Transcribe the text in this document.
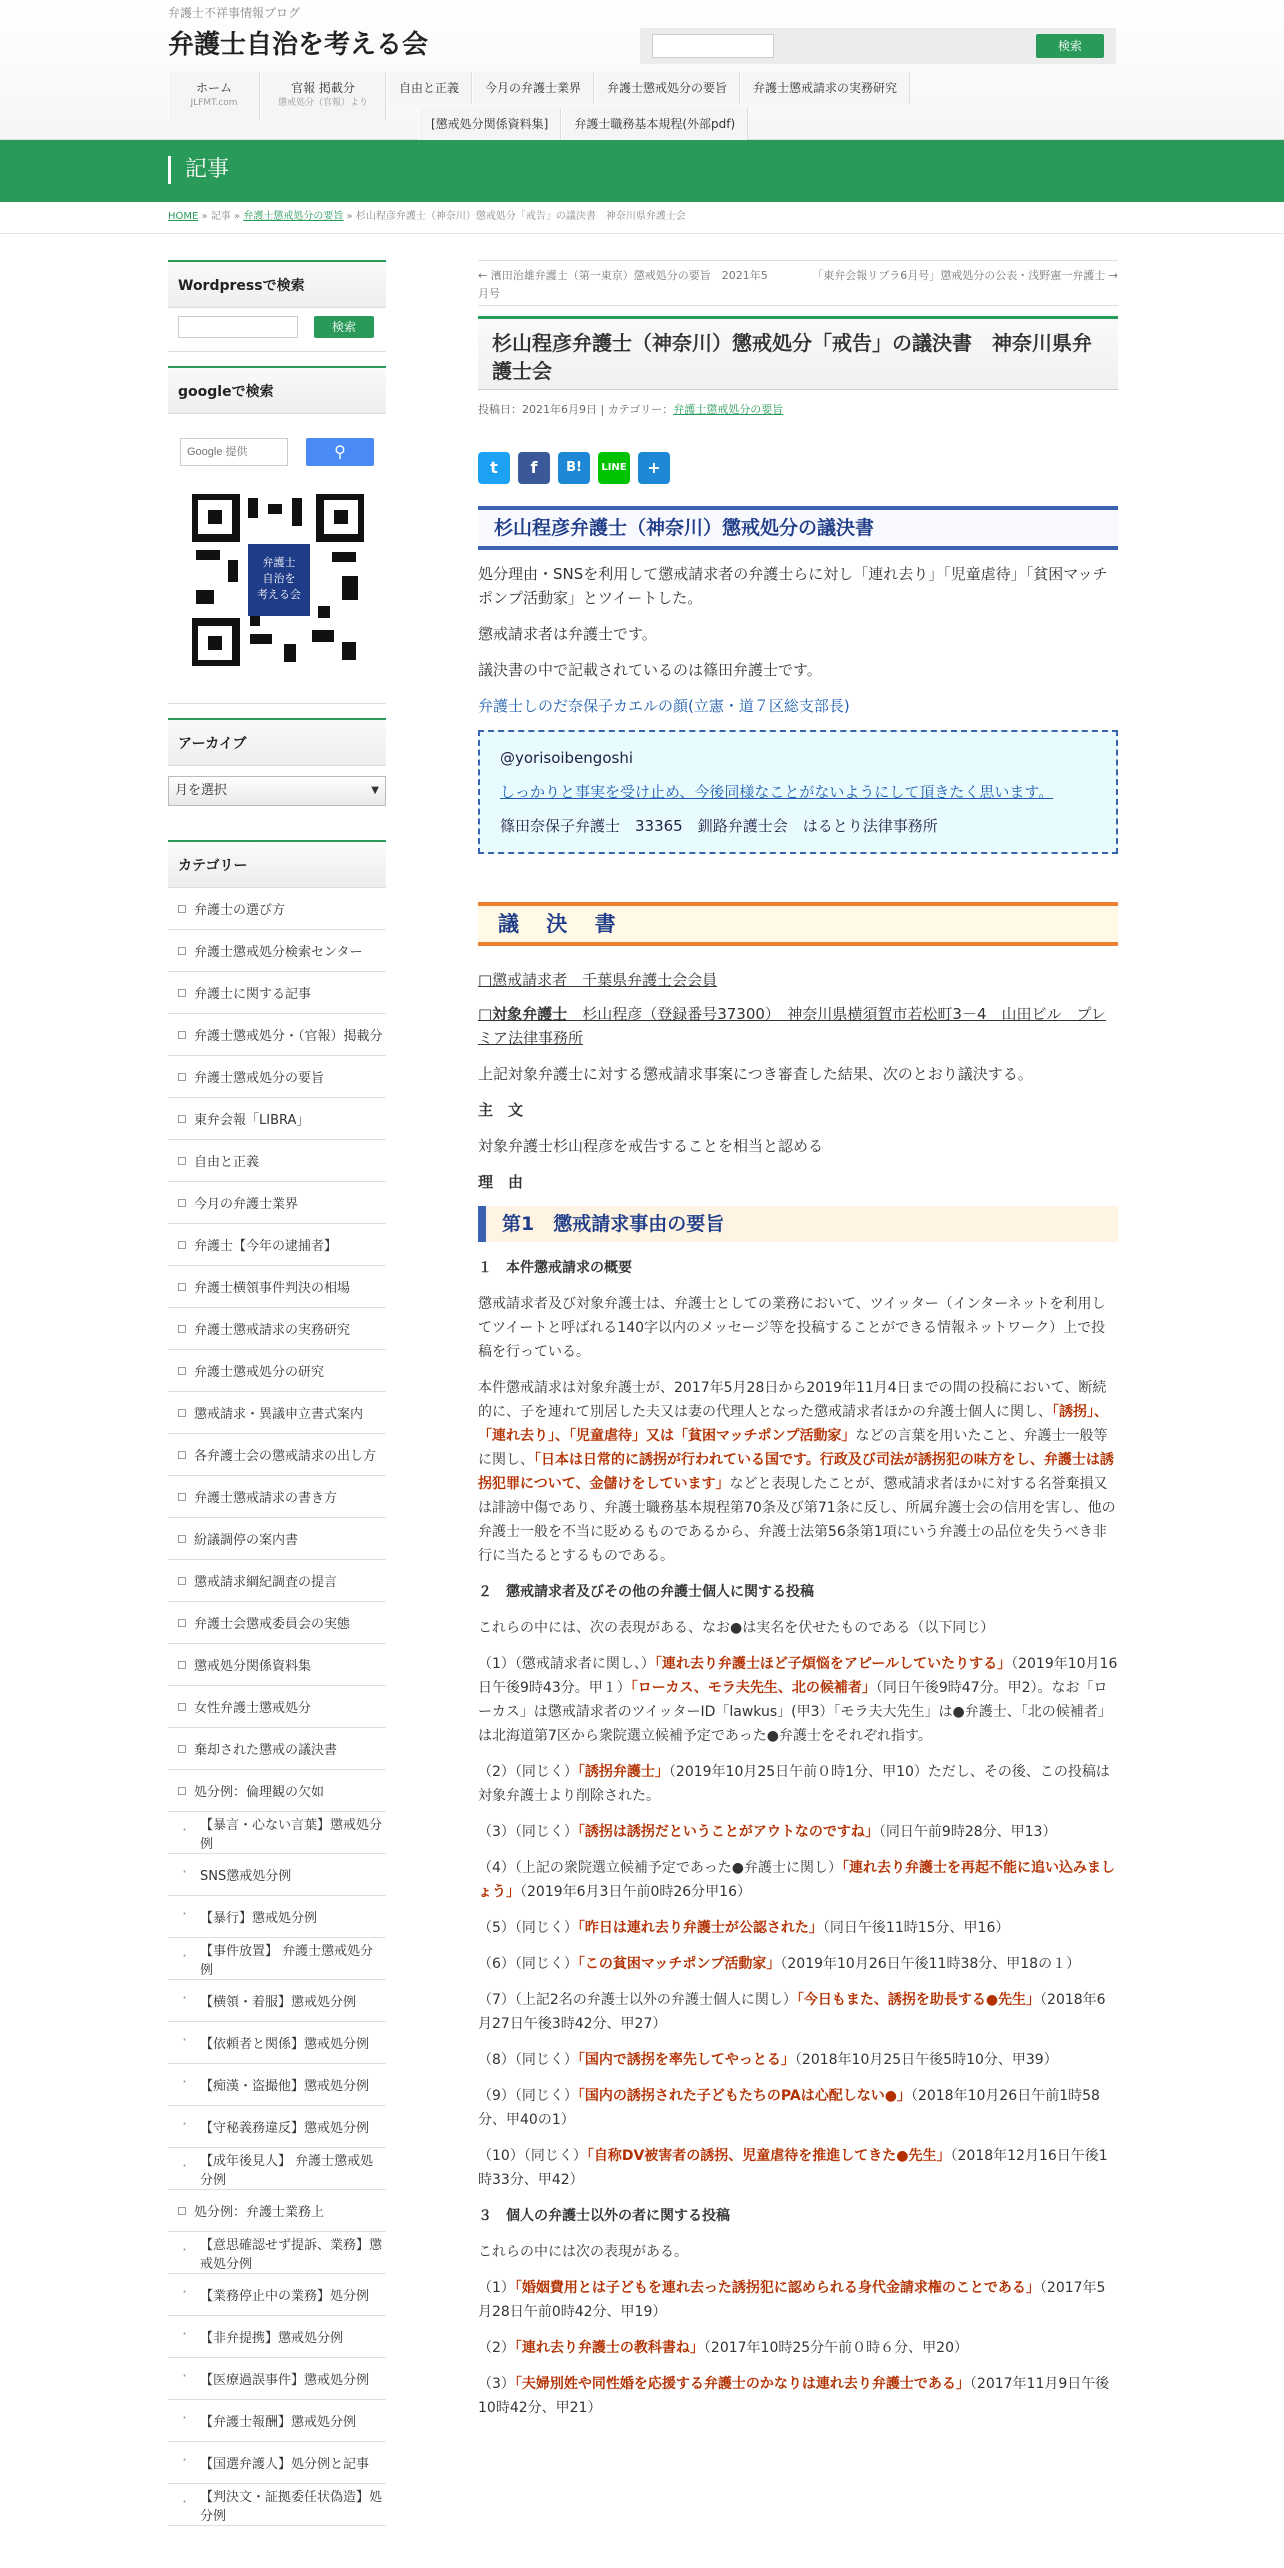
弁護士不祥事情報ブログ
弁護士自治を考える会	検索
ホーム
JLFMT.com
官報 掲載分
懲戒処分（官報）より
自由と正義	今月の弁護士業界	弁護士懲戒処分の要旨	弁護士懲戒請求の実務研究
[懲戒処分関係資料集]	弁護士職務基本規程(外部pdf)
記事
HOME » 記事 » 弁護士懲戒処分の要旨 » 杉山程彦弁護士（神奈川）懲戒処分「戒告」の議決書　神奈川県弁護士会
Wordpressで検索
検索
googleで検索
Google 提供
⚲
弁護士
自治を
考える会
アーカイブ
月を選択	▼
カテゴリー
弁護士の選び方
弁護士懲戒処分検索センター
弁護士に関する記事
弁護士懲戒処分・（官報）掲載分
弁護士懲戒処分の要旨
東弁会報「LIBRA」
自由と正義
今月の弁護士業界
弁護士【今年の逮捕者】
弁護士横領事件判決の相場
弁護士懲戒請求の実務研究
弁護士懲戒処分の研究
懲戒請求・異議申立書式案内
各弁護士会の懲戒請求の出し方
弁護士懲戒請求の書き方
紛議調停の案内書
懲戒請求綱紀調査の提言
弁護士会懲戒委員会の実態
懲戒処分関係資料集
女性弁護士懲戒処分
棄却された懲戒の議決書
処分例：倫理観の欠如
· 【暴言・心ない言葉】懲戒処分例
· SNS懲戒処分例
· 【暴行】懲戒処分例
· 【事件放置】 弁護士懲戒処分例
· 【横領・着服】懲戒処分例
· 【依頼者と関係】懲戒処分例
· 【痴漢・盗撮他】懲戒処分例
· 【守秘義務違反】懲戒処分例
· 【成年後見人】 弁護士懲戒処分例
処分例：弁護士業務上
· 【意思確認せず提訴、業務】懲戒処分例
· 【業務停止中の業務】処分例
· 【非弁提携】懲戒処分例
· 【医療過誤事件】懲戒処分例
· 【弁護士報酬】懲戒処分例
· 【国選弁護人】処分例と記事
· 【判決文・証拠委任状偽造】処分例
← 濱田治雄弁護士（第一東京）懲戒処分の要旨　2021年5	「東弁会報リブラ6月号」懲戒処分の公表・浅野憲一弁護士 →
月号
杉山程彦弁護士（神奈川）懲戒処分「戒告」の議決書　神奈川県弁護士会
投稿日：2021年6月9日 | カテゴリー：弁護士懲戒処分の要旨
t	f	B!	LINE	+
杉山程彦弁護士（神奈川）懲戒処分の議決書

処分理由・SNSを利用して懲戒請求者の弁護士らに対し「連れ去り」「児童虐待」「貧困マッチポンプ活動家」とツイートした。

懲戒請求者は弁護士です。

議決書の中で記載されているのは篠田弁護士です。

弁護士しのだ奈保子カエルの顔(立憲・道７区総支部長)

@yorisoibengoshi

しっかりと事実を受け止め、今後同様なことがないようにして頂きたく思います。

篠田奈保子弁護士　33365　釧路弁護士会　はるとり法律事務所

議 決 書

□懲戒請求者　千葉県弁護士会会員

□対象弁護士　 杉山程彦（登録番号37300）　神奈川県横須賀市若松町3－4　山田ビル　プレミア法律事務所

上記対象弁護士に対する懲戒請求事案につき審査した結果、次のとおり議決する。

主　文

対象弁護士杉山程彦を戒告することを相当と認める

理　由

第1　懲戒請求事由の要旨

１　本件懲戒請求の概要

懲戒請求者及び対象弁護士は、弁護士としての業務において、ツイッター（インターネットを利用してツイートと呼ばれる140字以内のメッセージ等を投稿することができる情報ネットワーク）上で投稿を行っている。

本件懲戒請求は対象弁護士が、2017年5月28日から2019年11月4日までの間の投稿において、断続的に、子を連れて別居した夫又は妻の代理人となった懲戒請求者ほかの弁護士個人に関し、「誘拐」、「連れ去り」、「児童虐待」又は「貧困マッチポンプ活動家」などの言葉を用いたこと、弁護士一般等に関し、「日本は日常的に誘拐が行われている国です。行政及び司法が誘拐犯の味方をし、弁護士は誘拐犯罪について、金儲けをしています」などと表現したことが、懲戒請求者ほかに対する名誉棄損又は誹謗中傷であり、弁護士職務基本規程第70条及び第71条に反し、所属弁護士会の信用を害し、他の弁護士一般を不当に貶めるものであるから、弁護士法第56条第1項にいう弁護士の品位を失うべき非行に当たるとするものである。

２　懲戒請求者及びその他の弁護士個人に関する投稿

これらの中には、次の表現がある、なお●は実名を伏せたものである（以下同じ）

（1）（懲戒請求者に関し、）「連れ去り弁護士ほど子煩悩をアピールしていたりする」（2019年10月16日午後9時43分。甲１）「ローカス、モラ夫先生、北の候補者」（同日午後9時47分。甲2）。なお「ローカス」は懲戒請求者のツイッターID「lawkus」(甲3）「モラ夫大先生」は●弁護士、「北の候補者」は北海道第7区から衆院選立候補予定であった●弁護士をそれぞれ指す。

（2）（同じく）「誘拐弁護士」（2019年10月25日午前０時1分、甲10）ただし、その後、この投稿は対象弁護士より削除された。

（3）（同じく）「誘拐は誘拐だということがアウトなのですね」（同日午前9時28分、甲13）

（4）（上記の衆院選立候補予定であった●弁護士に関し）「連れ去り弁護士を再起不能に追い込みましょう」（2019年6月3日午前0時26分甲16）

（5）（同じく）「昨日は連れ去り弁護士が公認された」（同日午後11時15分、甲16）

（6）（同じく）「この貧困マッチポンプ活動家」（2019年10月26日午後11時38分、甲18の１）

（7）（上記2名の弁護士以外の弁護士個人に関し）「今日もまた、誘拐を助長する●先生」（2018年6月27日午後3時42分、甲27）

（8）（同じく）「国内で誘拐を率先してやっとる」（2018年10月25日午後5時10分、甲39）

（9）（同じく）「国内の誘拐された子どもたちのPAは心配しない●」（2018年10月26日午前1時58分、甲40の1）

（10）（同じく）「自称DV被害者の誘拐、児童虐待を推進してきた●先生」（2018年12月16日午後1時33分、甲42）

３　個人の弁護士以外の者に関する投稿

これらの中には次の表現がある。

（1）「婚姻費用とは子どもを連れ去った誘拐犯に認められる身代金請求権のことである」（2017年5月28日午前0時42分、甲19）

（2）「連れ去り弁護士の教科書ね」（2017年10時25分午前０時６分、甲20）

（3）「夫婦別姓や同性婚を応援する弁護士のかなりは連れ去り弁護士である」（2017年11月9日午後10時42分、甲21）
